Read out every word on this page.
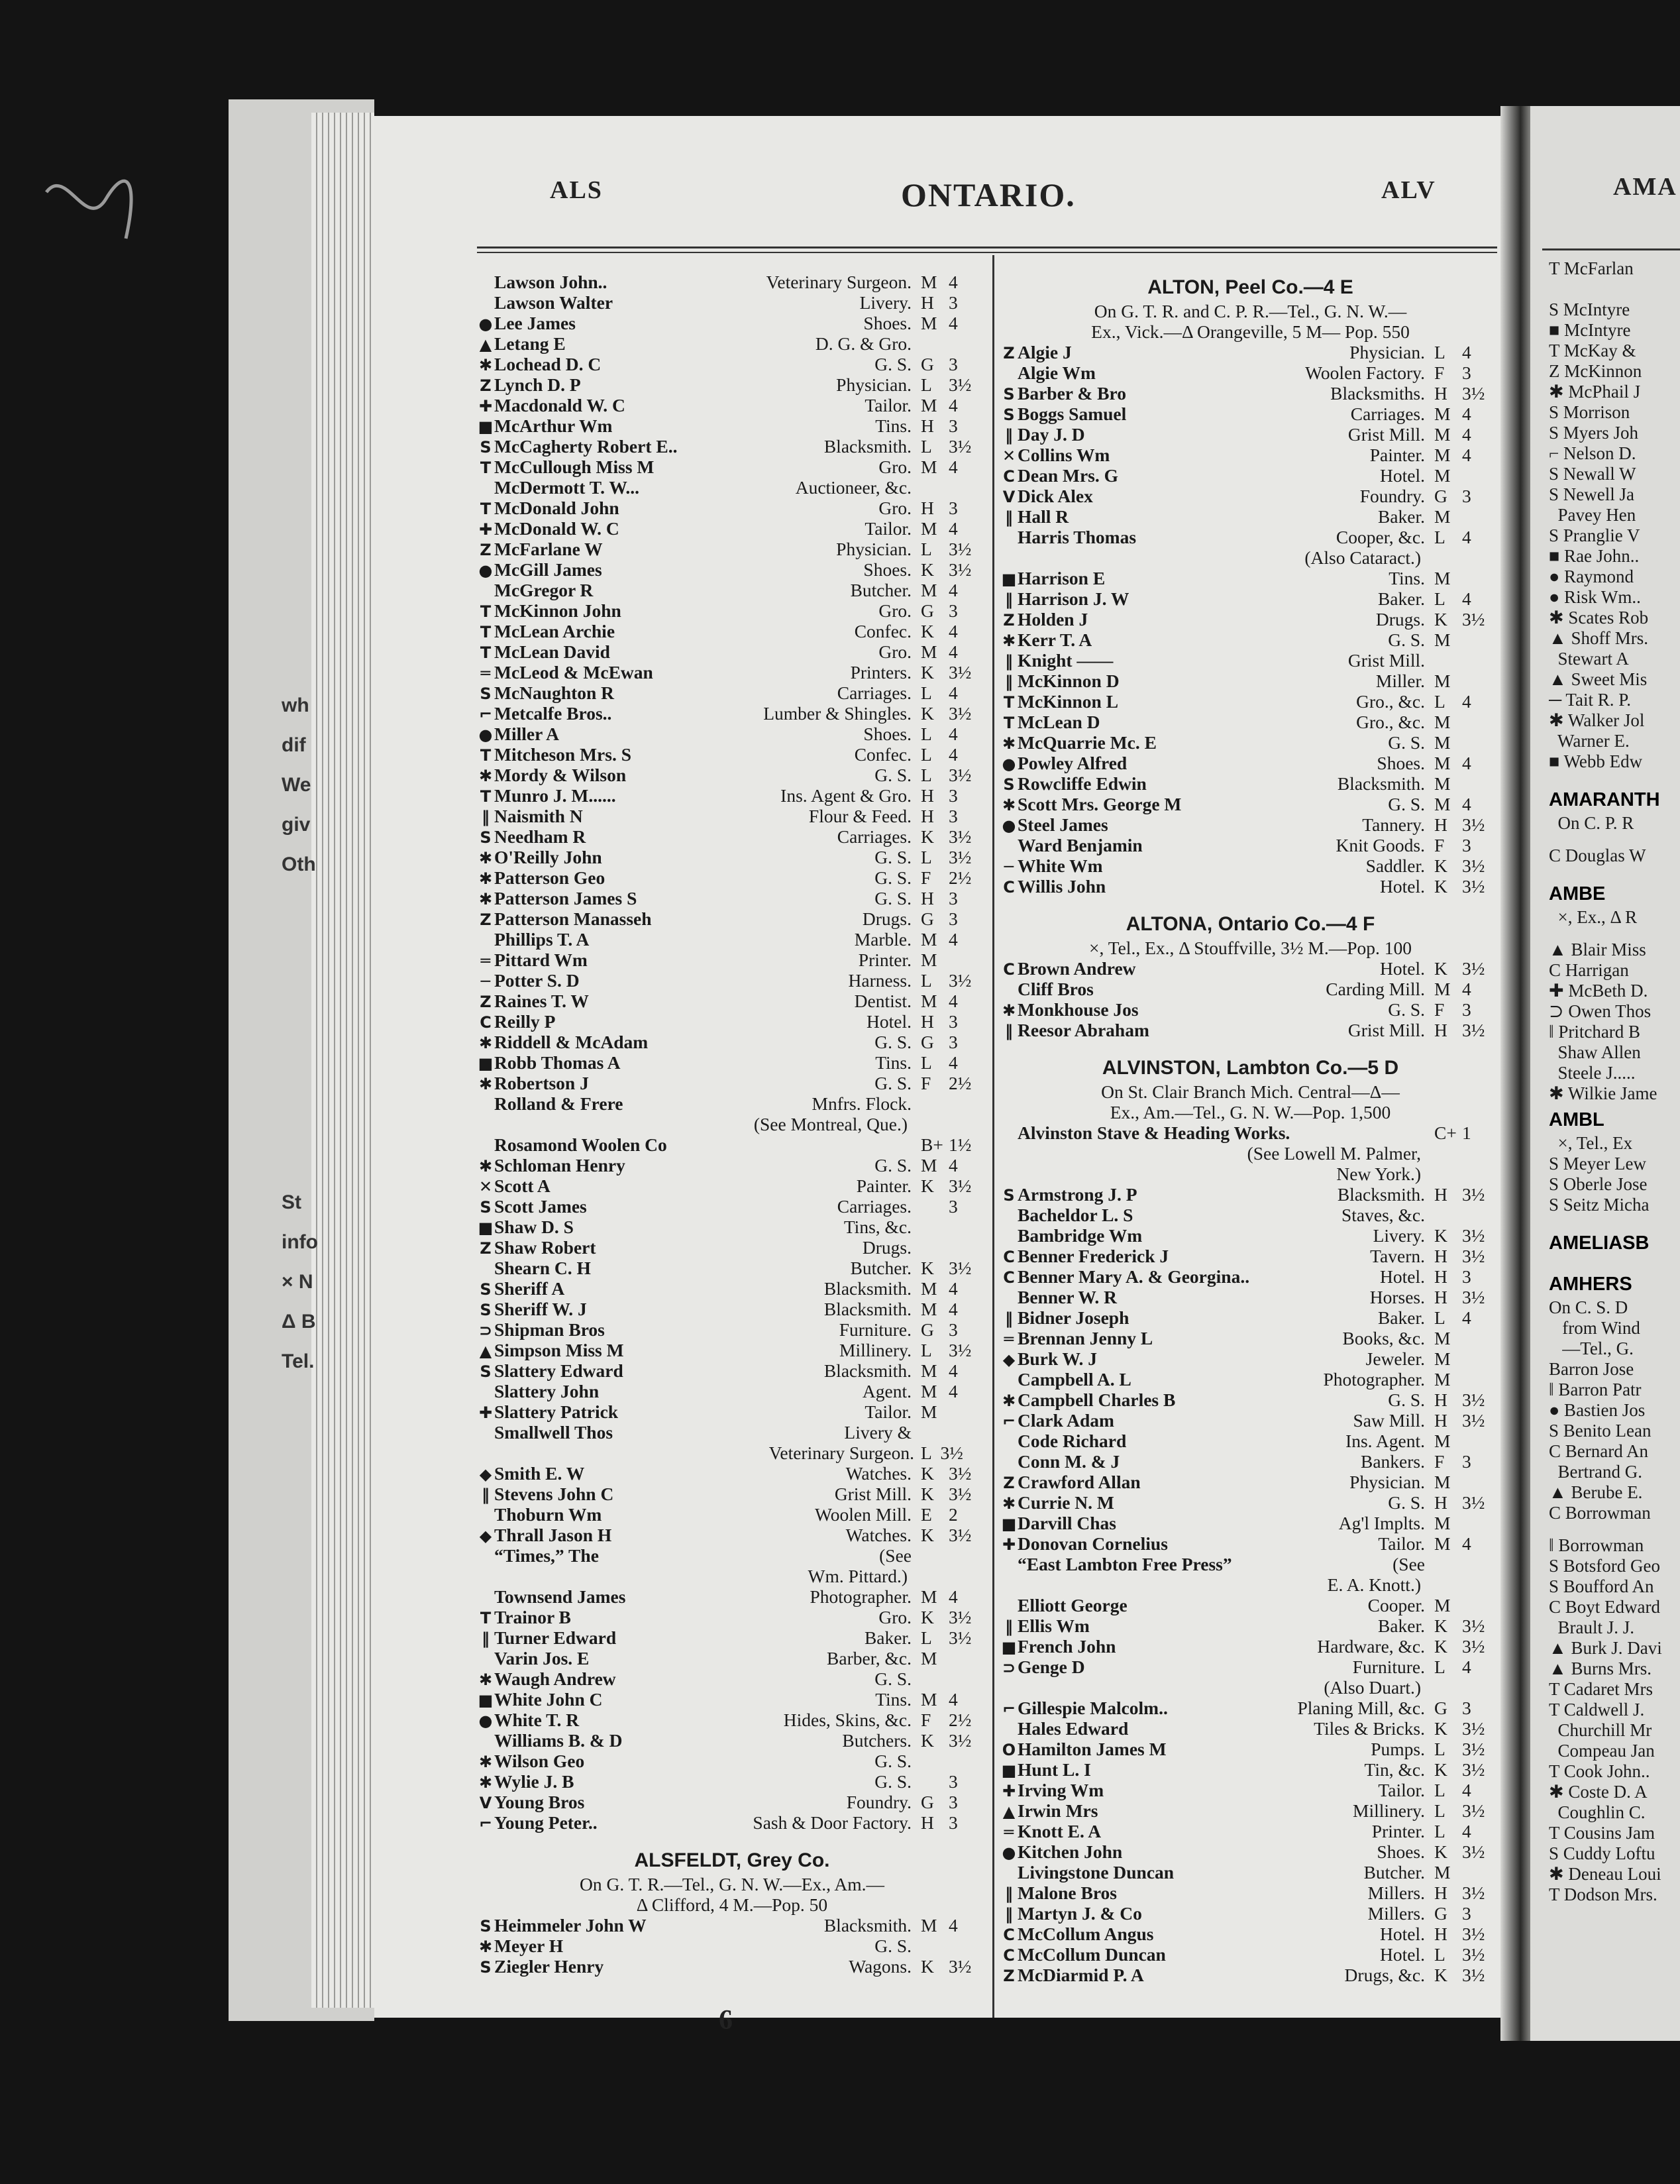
wh
dif
We
giv
Oth
St
info
× N
Δ B
Tel.
ALS	ONTARIO.	ALV
Lawson John..	Veterinary Surgeon. M 4
Lawson Walter	Livery. H 3
●Lee James	Shoes. M 4
▲ Letang E	D. G. & Gro.
✱ Lochead D. C	G. S. G 3
Z Lynch D. P	Physician. L 3½
✚ Macdonald W. C	Tailor. M 4
■McArthur Wm	Tins. H 3
S McCagherty Robert E..	Blacksmith. L 3½
T McCullough Miss M	Gro. M 4
McDermott T. W...	Auctioneer, &c.
T McDonald John	Gro. H 3
✚ McDonald W. C	Tailor. M 4
Z McFarlane W	Physician. L 3½
●McGill James	Shoes. K 3½
McGregor R	Butcher. M 4
T McKinnon John	Gro. G 3
T McLean Archie	Confec. K 4
T McLean David	Gro. M 4
═ McLeod & McEwan	Printers. K 3½
S McNaughton R	Carriages. L 4
⌐ Metcalfe Bros..	Lumber & Shingles. K 3½
●Miller A	Shoes. L 4
T Mitcheson Mrs. S	Confec. L 4
✱ Mordy & Wilson	G. S. L 3½
T Munro J. M......	Ins. Agent & Gro. H 3
‖ Naismith N	Flour & Feed. H 3
S Needham R	Carriages. K 3½
✱ O'Reilly John	G. S. L 3½
✱ Patterson Geo	G. S. F 2½
✱ Patterson James S	G. S. H 3
Z Patterson Manasseh	Drugs. G 3
Phillips T. A	Marble. M 4
═ Pittard Wm	Printer. M
─ Potter S. D	Harness. L 3½
Z Raines T. W	Dentist. M 4
C Reilly P	Hotel. H 3
✱ Riddell & McAdam	G. S. G 3
■Robb Thomas A	Tins. L 4
✱ Robertson J	G. S. F 2½
Rolland & Frere	Mnfrs. Flock.
(See Montreal, Que.)
Rosamond Woolen Co	B+ 1½
✱ Schloman Henry	G. S. M 4
✕ Scott A	Painter. K 3½
S Scott James	Carriages. 3
■Shaw D. S	Tins, &c.
Z Shaw Robert	Drugs.
Shearn C. H	Butcher. K 3½
S Sheriff A	Blacksmith. M 4
S Sheriff W. J	Blacksmith. M 4
⊃ Shipman Bros	Furniture. G 3
▲ Simpson Miss M	Millinery. L 3½
S Slattery Edward	Blacksmith. M 4
Slattery John	Agent. M 4
✚ Slattery Patrick	Tailor. M
Smallwell Thos	Livery &
Veterinary Surgeon. L 3½
◆ Smith E. W	Watches. K 3½
‖ Stevens John C	Grist Mill. K 3½
Thoburn Wm	Woolen Mill. E 2
◆ Thrall Jason H	Watches. K 3½
“Times,” The	(See
Wm. Pittard.)
Townsend James	Photographer. M 4
T Trainor B	Gro. K 3½
‖ Turner Edward	Baker. L 3½
Varin Jos. E	Barber, &c. M
✱ Waugh Andrew	G. S.
■White John C	Tins. M 4
●White T. R	Hides, Skins, &c. F 2½
Williams B. & D	Butchers. K 3½
✱ Wilson Geo	G. S.
✱ Wylie J. B	G. S. 3
V Young Bros	Foundry. G 3
⌐ Young Peter..	Sash & Door Factory. H 3
ALSFELDT, Grey Co.
On G. T. R.—Tel., G. N. W.—Ex., Am.—
Δ Clifford, 4 M.—Pop. 50
S Heimmeler John W	Blacksmith. M 4
✱ Meyer H	G. S.
S Ziegler Henry	Wagons. K 3½
ALTON, Peel Co.—4 E
On G. T. R. and C. P. R.—Tel., G. N. W.—
Ex., Vick.—Δ Orangeville, 5 M— Pop. 550
Z Algie J	Physician. L 4
Algie Wm	Woolen Factory. F 3
S Barber & Bro	Blacksmiths. H 3½
S Boggs Samuel	Carriages. M 4
‖ Day J. D	Grist Mill. M 4
✕ Collins Wm	Painter. M 4
C Dean Mrs. G	Hotel. M
V Dick Alex	Foundry. G 3
‖ Hall R	Baker. M
Harris Thomas	Cooper, &c. L 4
(Also Cataract.)
■Harrison E	Tins. M
‖ Harrison J. W	Baker. L 4
Z Holden J	Drugs. K 3½
✱ Kerr T. A	G. S. M
‖ Knight ——	Grist Mill.
‖ McKinnon D	Miller. M
T McKinnon L	Gro., &c. L 4
T McLean D	Gro., &c. M
✱ McQuarrie Mc. E	G. S. M
●Powley Alfred	Shoes. M 4
S Rowcliffe Edwin	Blacksmith. M
✱ Scott Mrs. George M	G. S. M 4
●Steel James	Tannery. H 3½
Ward Benjamin	Knit Goods. F 3
─ White Wm	Saddler. K 3½
C Willis John	Hotel. K 3½
ALTONA, Ontario Co.—4 F
×, Tel., Ex., Δ Stouffville, 3½ M.—Pop. 100
C Brown Andrew	Hotel. K 3½
Cliff Bros	Carding Mill. M 4
✱ Monkhouse Jos	G. S. F 3
‖ Reesor Abraham	Grist Mill. H 3½
ALVINSTON, Lambton Co.—5 D
On St. Clair Branch Mich. Central—Δ—
Ex., Am.—Tel., G. N. W.—Pop. 1,500
Alvinston Stave & Heading Works.	C+ 1
(See Lowell M. Palmer,
New York.)
S Armstrong J. P	Blacksmith. H 3½
Bacheldor L. S	Staves, &c.
Bambridge Wm	Livery. K 3½
C Benner Frederick J	Tavern. H 3½
C Benner Mary A. & Georgina..	Hotel. H 3
Benner W. R	Horses. H 3½
‖ Bidner Joseph	Baker. L 4
═ Brennan Jenny L	Books, &c. M
◆ Burk W. J	Jeweler. M
Campbell A. L	Photographer. M
✱ Campbell Charles B	G. S. H 3½
⌐ Clark Adam	Saw Mill. H 3½
Code Richard	Ins. Agent. M
Conn M. & J	Bankers. F 3
Z Crawford Allan	Physician. M
✱ Currie N. M	G. S. H 3½
■Darvill Chas	Ag'l Implts. M
✚ Donovan Cornelius	Tailor. M 4
“East Lambton Free Press”	(See
E. A. Knott.)
Elliott George	Cooper. M
‖ Ellis Wm	Baker. K 3½
■French John	Hardware, &c. K 3½
⊃ Genge D	Furniture. L 4
(Also Duart.)
⌐ Gillespie Malcolm..	Planing Mill, &c. G 3
Hales Edward	Tiles & Bricks. K 3½
O Hamilton James M	Pumps. L 3½
■Hunt L. I	Tin, &c. K 3½
✚ Irving Wm	Tailor. L 4
▲ Irwin Mrs	Millinery. L 3½
═ Knott E. A	Printer. L 4
●Kitchen John	Shoes. K 3½
Livingstone Duncan	Butcher. M
‖ Malone Bros	Millers. H 3½
‖ Martyn J. & Co	Millers. G 3
C McCollum Angus	Hotel. H 3½
C McCollum Duncan	Hotel. L 3½
Z McDiarmid P. A	Drugs, &c. K 3½
6
AMA
T McFarlan
S McIntyre
■ McIntyre
T McKay &
Z McKinnon
✱ McPhail J
S Morrison
S Myers Joh
⌐ Nelson D.
S Newall W
S Newell Ja
Pavey Hen
S Pranglie V
■ Rae John..
● Raymond
● Risk Wm..
✱ Scates Rob
▲ Shoff Mrs.
Stewart A
▲ Sweet Mis
─ Tait R. P.
✱ Walker Jol
Warner E.
■ Webb Edw
AMARANTH
On C. P. R
C Douglas W
AMBE
×, Ex., Δ R
▲ Blair Miss
C Harrigan
✚ McBeth D.
⊃ Owen Thos
‖ Pritchard B
Shaw Allen
Steele J.....
✱ Wilkie Jame
AMBL
×, Tel., Ex
S Meyer Lew
S Oberle Jose
S Seitz Micha
AMELIASB
AMHERS
On C. S. D
from Wind
—Tel., G.
Barron Jose
‖ Barron Patr
● Bastien Jos
S Benito Lean
C Bernard An
Bertrand G.
▲ Berube E.
C Borrowman
‖ Borrowman
S Botsford Geo
S Boufford An
C Boyt Edward
Brault J. J.
▲ Burk J. Davi
▲ Burns Mrs.
T Cadaret Mrs
T Caldwell J.
Churchill Mr
Compeau Jan
T Cook John..
✱ Coste D. A
Coughlin C.
T Cousins Jam
S Cuddy Loftu
✱ Deneau Loui
T Dodson Mrs.
